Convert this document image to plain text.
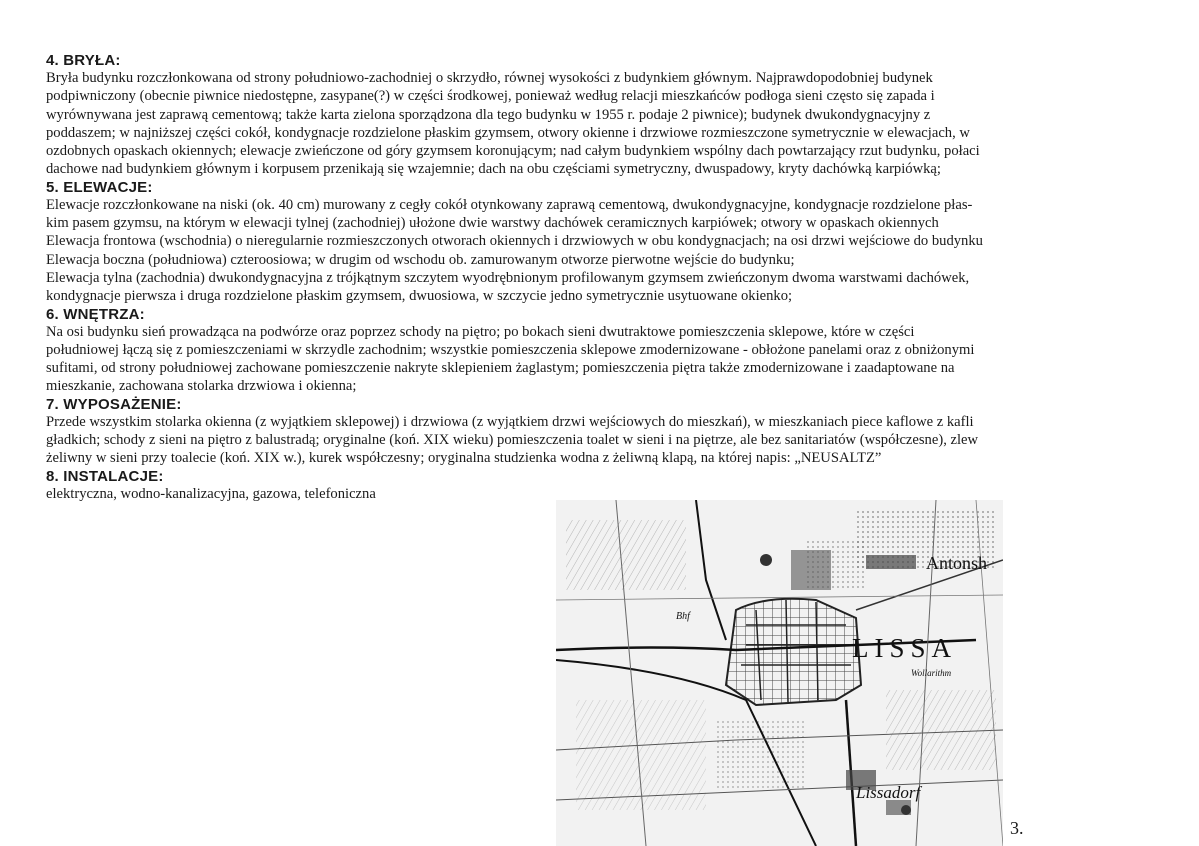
4. BRYŁA:

Bryła budynku rozczłonkowana od strony południowo-zachodniej o skrzydło, równej wysokości z budynkiem głównym. Najprawdopodobniej budynek
podpiwniczony (obecnie piwnice niedostępne, zasypane(?) w części środkowej, ponieważ według relacji mieszkańców podłoga sieni często się zapada i
wyrównywana jest zaprawą cementową; także karta zielona sporządzona dla tego budynku w 1955 r. podaje 2 piwnice); budynek dwukondygnacyjny z
poddaszem; w najniższej części cokół, kondygnacje rozdzielone płaskim gzymsem, otwory okienne i drzwiowe rozmieszczone symetrycznie w elewacjach, w
ozdobnych opaskach okiennych; elewacje zwieńczone od góry gzymsem koronującym; nad całym budynkiem wspólny dach powtarzający rzut budynku, połaci
dachowe nad budynkiem głównym i korpusem przenikają się wzajemnie; dach na obu częściami symetryczny, dwuspadowy, kryty dachówką karpiówką;

5. ELEWACJE:

Elewacje rozczłonkowane na niski (ok. 40 cm) murowany z cegły cokół otynkowany zaprawą cementową, dwukondygnacyjne, kondygnacje rozdzielone płas-
kim pasem gzymsu, na którym w elewacji tylnej (zachodniej) ułożone dwie warstwy dachówek ceramicznych karpiówek; otwory w opaskach okiennych
Elewacja frontowa (wschodnia) o nieregularnie rozmieszczonych otworach okiennych i drzwiowych w obu kondygnacjach; na osi drzwi wejściowe do budynku
Elewacja boczna (południowa) czteroosiowa; w drugim od wschodu ob. zamurowanym otworze pierwotne wejście do budynku;
Elewacja tylna (zachodnia) dwukondygnacyjna z trójkątnym szczytem wyodrębnionym profilowanym gzymsem zwieńczonym dwoma warstwami dachówek,
kondygnacje pierwsza i druga rozdzielone płaskim gzymsem, dwuosiowa, w szczycie jedno symetrycznie usytuowane okienko;

6. WNĘTRZA:

Na osi budynku sień prowadząca na podwórze oraz poprzez schody na piętro; po bokach sieni dwutraktowe pomieszczenia sklepowe, które w części
południowej łączą się z pomieszczeniami w skrzydle zachodnim; wszystkie pomieszczenia sklepowe zmodernizowane - obłożone panelami oraz z obniżonymi
sufitami, od strony południowej zachowane pomieszczenie nakryte sklepieniem żaglastym; pomieszczenia piętra także zmodernizowane i zaadaptowane na
mieszkanie, zachowana stolarka drzwiowa i okienna;

7. WYPOSAŻENIE:

Przede wszystkim stolarka okienna (z wyjątkiem sklepowej) i drzwiowa (z wyjątkiem drzwi wejściowych do mieszkań), w mieszkaniach piece kaflowe z kafli
gładkich; schody z sieni na piętro z balustradą; oryginalne (koń. XIX wieku) pomieszczenia toalet w sieni i na piętrze, ale bez sanitariatów (współczesne), zlew
żeliwny w sieni przy toalecie (koń. XIX w.), kurek współczesny; oryginalna studzienka wodna z żeliwną klapą, na której napis: „NEUSALTZ”

8. INSTALACJE:

elektryczna, wodno-kanalizacyjna, gazowa, telefoniczna

LISSA
Antonsh
Wollarithm
Lissadorf
Bhf
3.
